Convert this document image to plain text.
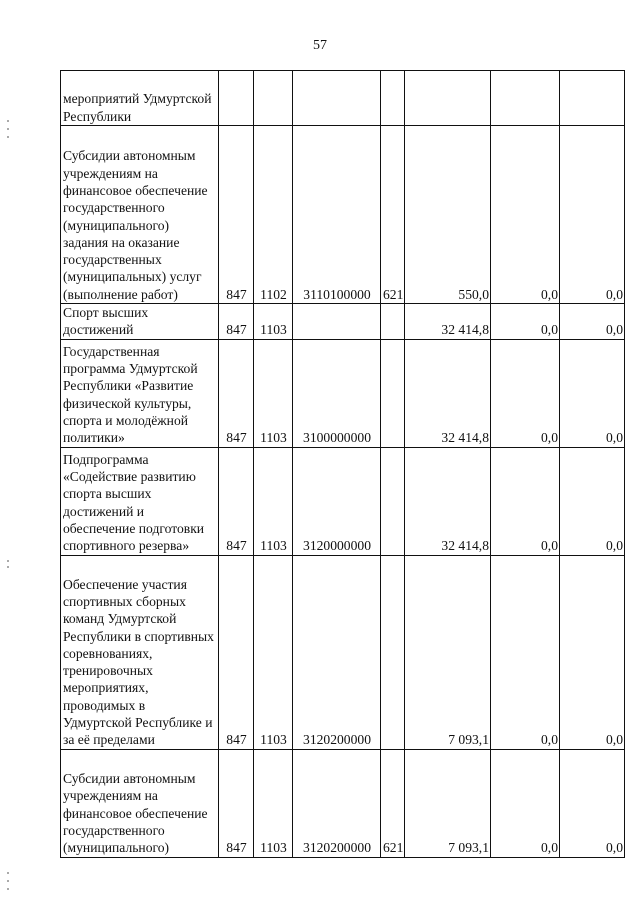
57
мероприятий Удмуртской Республики							
Субсидии автономным учреждениям на финансовое обеспечение государственного (муниципального) задания на оказание государственных (муниципальных) услуг (выполнение работ)	847	1102	3110100000	621	550,0	0,0	0,0
Спорт высших достижений	847	1103			32 414,8	0,0	0,0
Государственная программа Удмуртской Республики «Развитие физической культуры, спорта и молодёжной политики»	847	1103	3100000000		32 414,8	0,0	0,0
Подпрограмма «Содействие развитию спорта высших достижений и обеспечение подготовки спортивного резерва»	847	1103	3120000000		32 414,8	0,0	0,0
Обеспечение участия спортивных сборных команд Удмуртской Республики в спортивных соревнованиях, тренировочных мероприятиях, проводимых в Удмуртской Республике и за её пределами	847	1103	3120200000		7 093,1	0,0	0,0
Субсидии автономным учреждениям на финансовое обеспечение государственного (муниципального)	847	1103	3120200000	621	7 093,1	0,0	0,0
